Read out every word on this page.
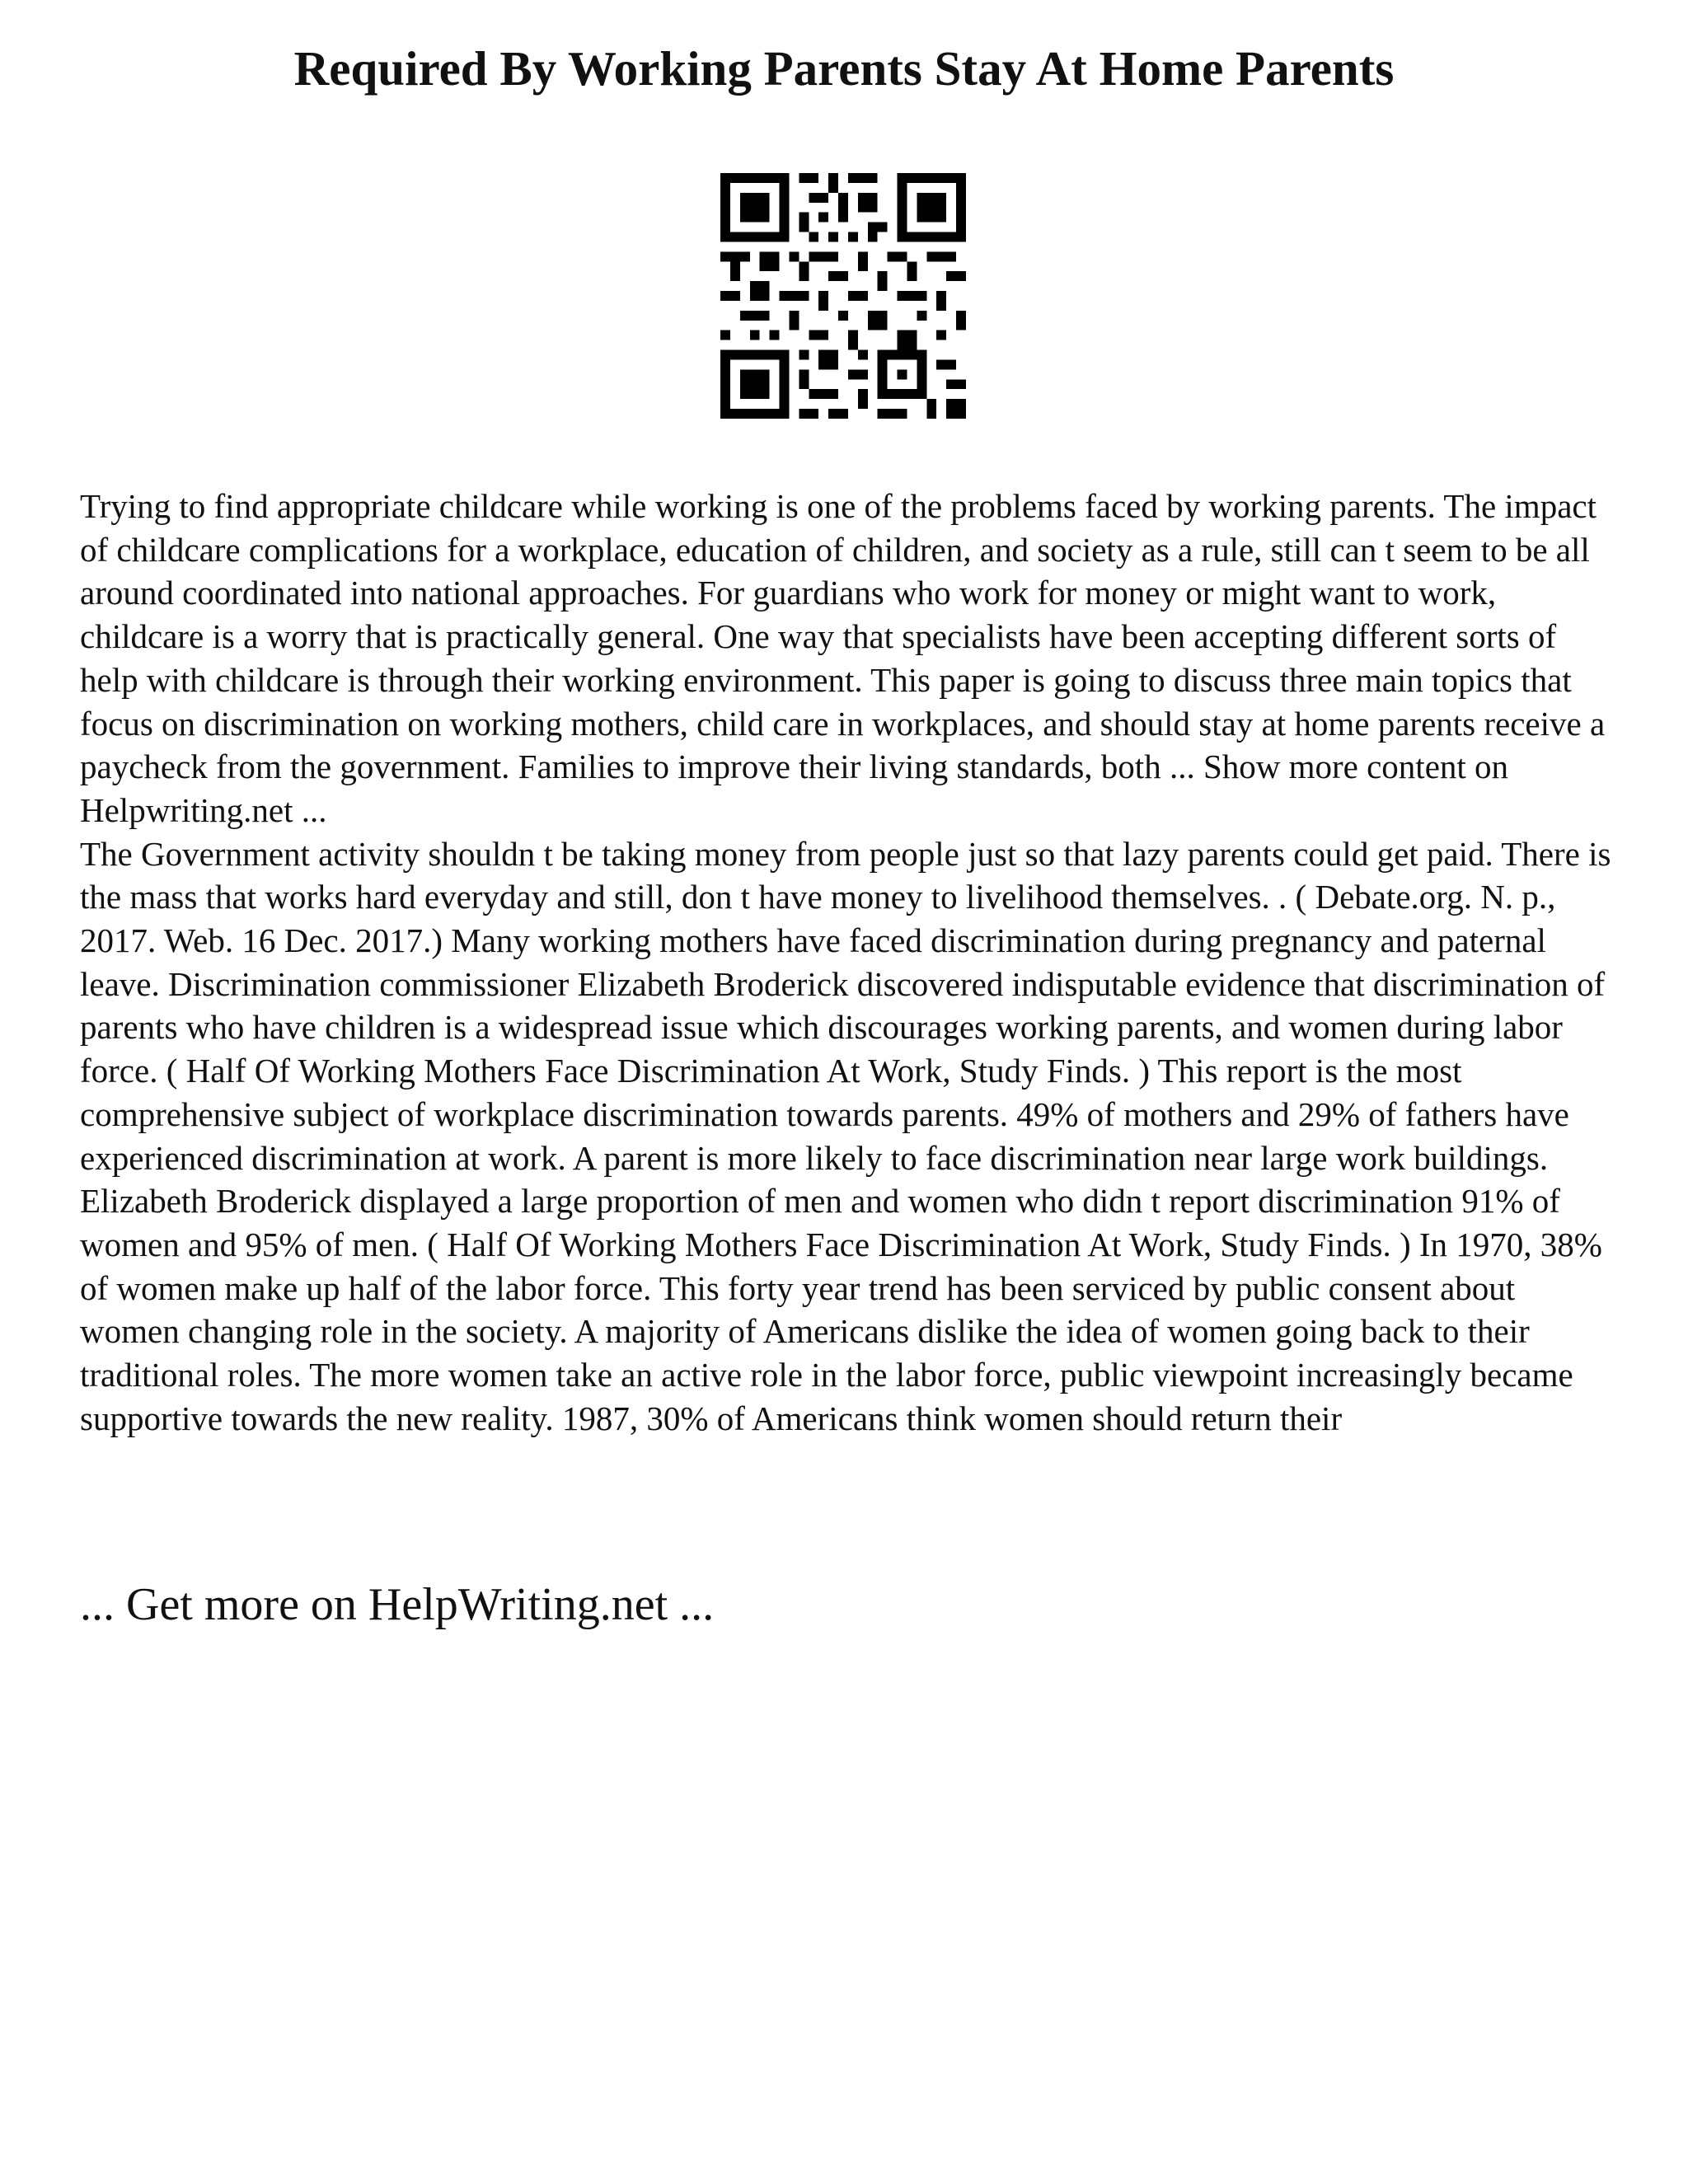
Required By Working Parents Stay At Home Parents

Trying to find appropriate childcare while working is one of the problems faced by working parents. The impact of childcare complications for a workplace, education of children, and society as a rule, still can t seem to be all around coordinated into national approaches. For guardians who work for money or might want to work, childcare is a worry that is practically general. One way that specialists have been accepting different sorts of help with childcare is through their working environment. This paper is going to discuss three main topics that focus on discrimination on working mothers, child care in workplaces, and should stay at home parents receive a paycheck from the government. Families to improve their living standards, both ... Show more content on Helpwriting.net ...

The Government activity shouldn t be taking money from people just so that lazy parents could get paid. There is the mass that works hard everyday and still, don t have money to livelihood themselves. . ( Debate.org. N. p., 2017. Web. 16 Dec. 2017.) Many working mothers have faced discrimination during pregnancy and paternal leave. Discrimination commissioner Elizabeth Broderick discovered indisputable evidence that discrimination of parents who have children is a widespread issue which discourages working parents, and women during labor force. ( Half Of Working Mothers Face Discrimination At Work, Study Finds. ) This report is the most comprehensive subject of workplace discrimination towards parents. 49% of mothers and 29% of fathers have experienced discrimination at work. A parent is more likely to face discrimination near large work buildings. Elizabeth Broderick displayed a large proportion of men and women who didn t report discrimination 91% of women and 95% of men. ( Half Of Working Mothers Face Discrimination At Work, Study Finds. ) In 1970, 38% of women make up half of the labor force. This forty year trend has been serviced by public consent about women changing role in the society. A majority of Americans dislike the idea of women going back to their traditional roles. The more women take an active role in the labor force, public viewpoint increasingly became supportive towards the new reality. 1987, 30% of Americans think women should return their

... Get more on HelpWriting.net ...
